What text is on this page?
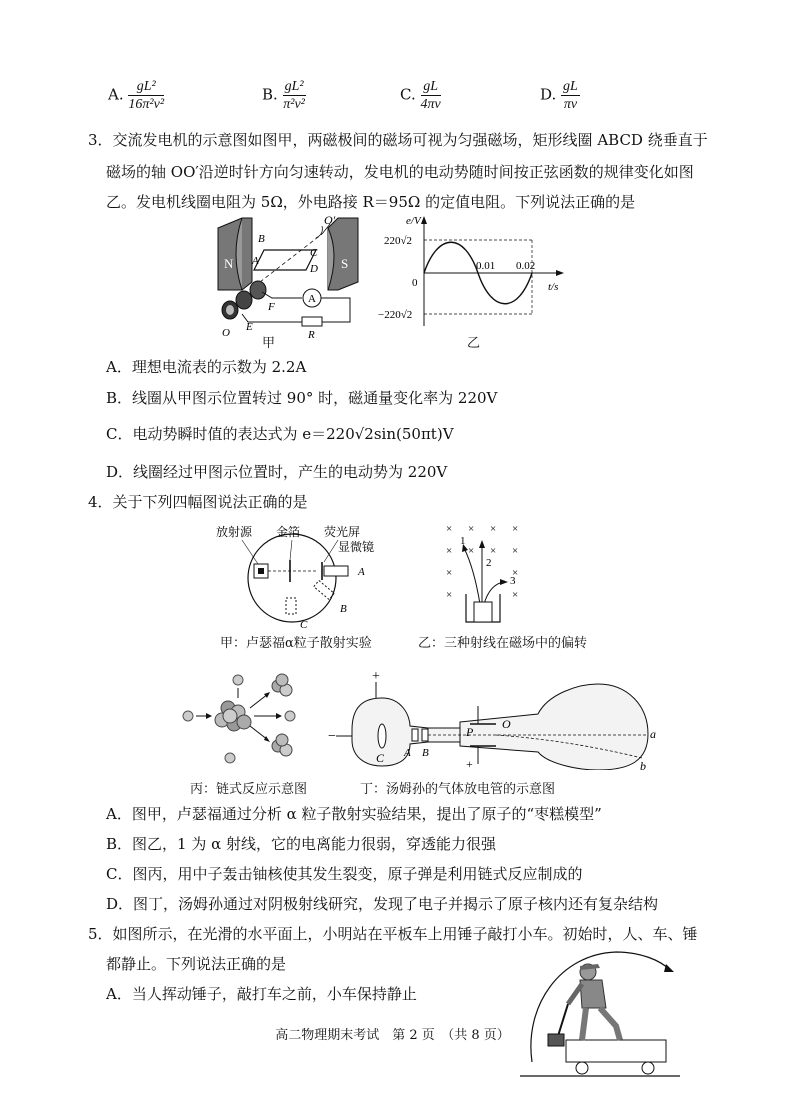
A. $\frac{\text{gL²}}{\text{16π²v²}}$	B. $\frac{\text{gL²}}{\text{π²v²}}$	C. $\frac{gL}{4\pi v}$	D. $\frac{gL}{\pi v}$
3．交流发电机的示意图如图甲，两磁极间的磁场可视为匀强磁场，矩形线圈 ABCD 绕垂直于
磁场的轴 OO′沿逆时针方向匀速转动，发电机的电动势随时间按正弦函数的规律变化如图
乙。发电机线圈电阻为 5Ω，外电路接 R＝95Ω 的定值电阻。下列说法正确的是
N	S
O′
B
C
A
D
F
E
O
A
R
甲
e/V
t/s
220√2
−220√2
0
0.01 0.02
乙
A．理想电流表的示数为 2.2A
B．线圈从甲图示位置转过 90° 时，磁通量变化率为 220V
C．电动势瞬时值的表达式为 e＝220√2sin(50πt)V
D．线圈经过甲图示位置时，产生的电动势为 220V
4．关于下列四幅图说法正确的是
放射源 金箔 荧光屏
显微镜
A
B
C
甲：卢瑟福α粒子散射实验
× × × ×
× × × ×
×	×
×	×
1
2
3
乙：三种射线在磁场中的偏转
丙：链式反应示意图
+
−
C A B
P
O
+
a
b
丁：汤姆孙的气体放电管的示意图
A．图甲，卢瑟福通过分析 α 粒子散射实验结果，提出了原子的“枣糕模型”
B．图乙，1 为 α 射线，它的电离能力很弱，穿透能力很强
C．图丙，用中子轰击铀核使其发生裂变，原子弹是利用链式反应制成的
D．图丁，汤姆孙通过对阴极射线研究，发现了电子并揭示了原子核内还有复杂结构
5．如图所示，在光滑的水平面上，小明站在平板车上用锤子敲打小车。初始时，人、车、锤
都静止。下列说法正确的是
A．当人挥动锤子，敲打车之前，小车保持静止
高二物理期末考试　第 2 页　（共 8 页）
